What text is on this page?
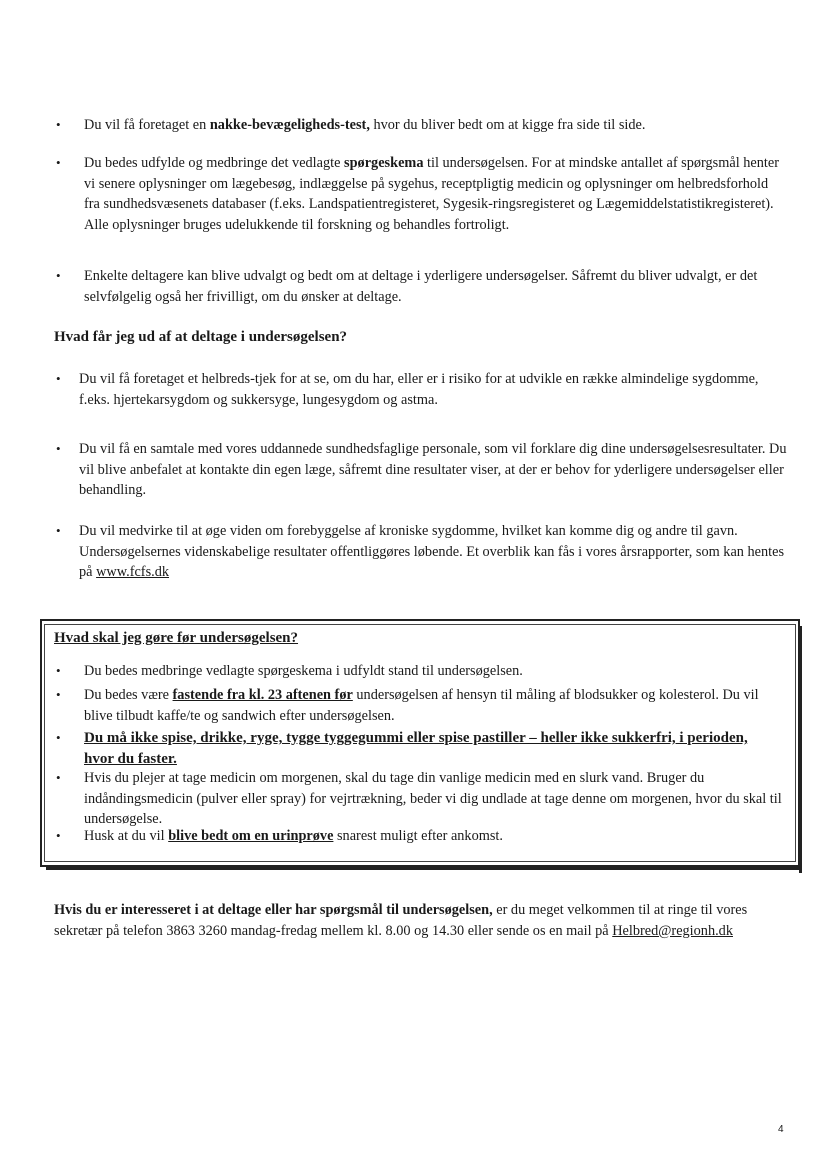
• Du vil få foretaget en nakke-bevægeligheds-test, hvor du bliver bedt om at kigge fra side til side.
• Du bedes udfylde og medbringe det vedlagte spørgeskema til undersøgelsen. For at mindske antallet af spørgsmål henter vi senere oplysninger om lægebesøg, indlæggelse på sygehus, receptpligtig medicin og oplysninger om helbredsforhold fra sundhedsvæsenets databaser (f.eks. Landspatientregisteret, Sygesik-ringsregisteret og Lægemiddelstatistikregisteret). Alle oplysninger bruges udelukkende til forskning og behandles fortroligt.
• Enkelte deltagere kan blive udvalgt og bedt om at deltage i yderligere undersøgelser. Såfremt du bliver udvalgt, er det selvfølgelig også her frivilligt, om du ønsker at deltage.

Hvad får jeg ud af at deltage i undersøgelsen?

• Du vil få foretaget et helbreds-tjek for at se, om du har, eller er i risiko for at udvikle en række almindelige sygdomme, f.eks. hjertekarsygdom og sukkersyge, lungesygdom og astma.
• Du vil få en samtale med vores uddannede sundhedsfaglige personale, som vil forklare dig dine undersøgelsesresultater. Du vil blive anbefalet at kontakte din egen læge, såfremt dine resultater viser, at der er behov for yderligere undersøgelser eller behandling.
• Du vil medvirke til at øge viden om forebyggelse af kroniske sygdomme, hvilket kan komme dig og andre til gavn. Undersøgelsernes videnskabelige resultater offentliggøres løbende. Et overblik kan fås i vores årsrapporter, som kan hentes på www.fcfs.dk

Hvad skal jeg gøre før undersøgelsen?

• Du bedes medbringe vedlagte spørgeskema i udfyldt stand til undersøgelsen.
• Du bedes være fastende fra kl. 23 aftenen før undersøgelsen af hensyn til måling af blodsukker og kolesterol. Du vil blive tilbudt kaffe/te og sandwich efter undersøgelsen.
• Du må ikke spise, drikke, ryge, tygge tyggegummi eller spise pastiller – heller ikke sukkerfri, i perioden, hvor du faster.
• Hvis du plejer at tage medicin om morgenen, skal du tage din vanlige medicin med en slurk vand. Bruger du indåndingsmedicin (pulver eller spray) for vejrtrækning, beder vi dig undlade at tage denne om morgenen, hvor du skal til undersøgelse.
• Husk at du vil blive bedt om en urinprøve snarest muligt efter ankomst.

Hvis du er interesseret i at deltage eller har spørgsmål til undersøgelsen, er du meget velkommen til at ringe til vores sekretær på telefon 3863 3260 mandag-fredag mellem kl. 8.00 og 14.30 eller sende os en mail på Helbred@regionh.dk

4
